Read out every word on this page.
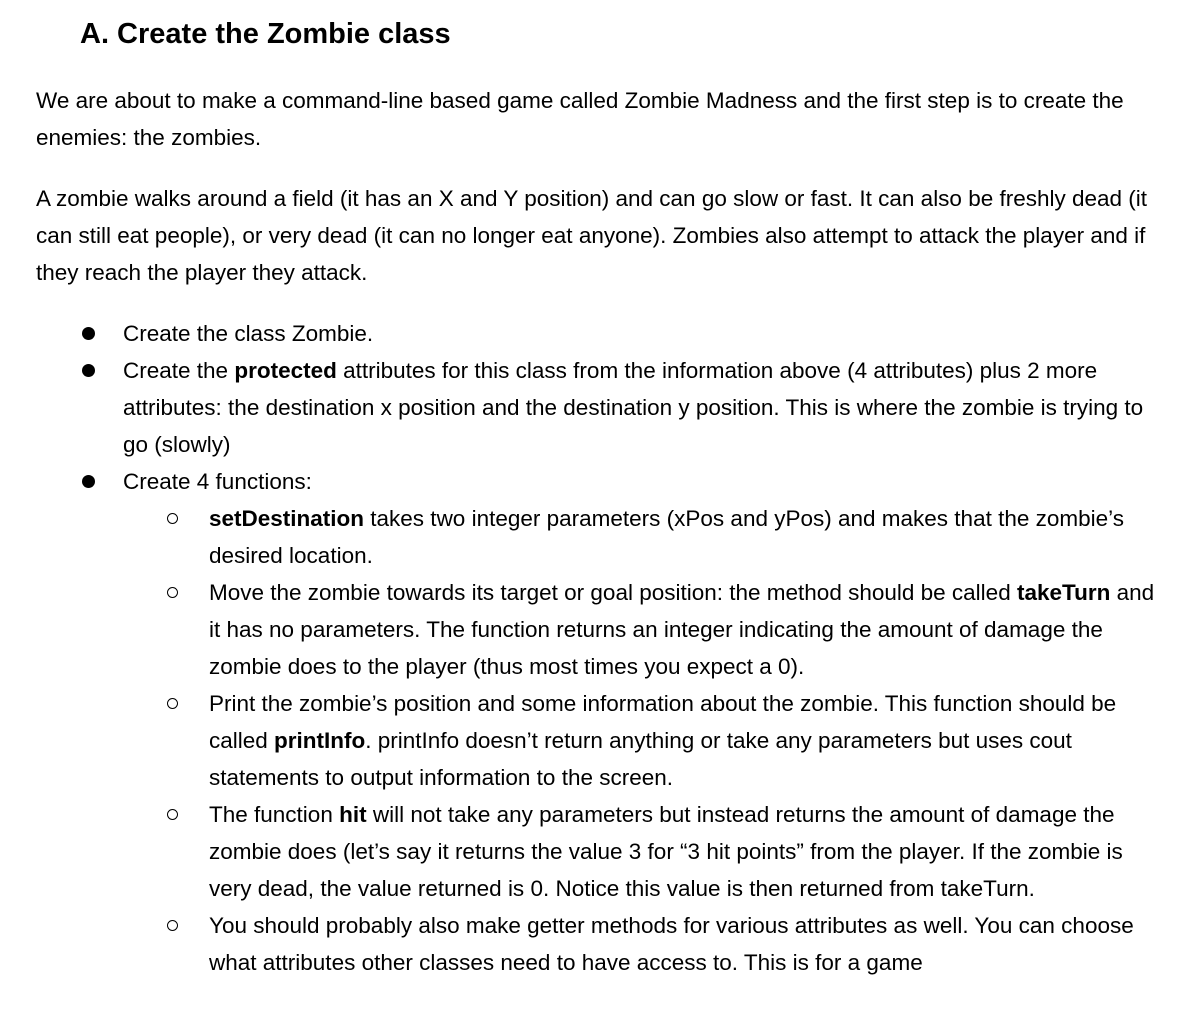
A. Create the Zombie class

We are about to make a command-line based game called Zombie Madness and the first step is to create the enemies: the zombies.

A zombie walks around a field (it has an X and Y position) and can go slow or fast. It can also be freshly dead (it can still eat people), or very dead (it can no longer eat anyone). Zombies also attempt to attack the player and if they reach the player they attack.

Create the class Zombie.
Create the protected attributes for this class from the information above (4 attributes) plus 2 more attributes: the destination x position and the destination y position. This is where the zombie is trying to go (slowly)
Create 4 functions:
setDestination takes two integer parameters (xPos and yPos) and makes that the zombie’s desired location.
Move the zombie towards its target or goal position: the method should be called takeTurn and it has no parameters. The function returns an integer indicating the amount of damage the zombie does to the player (thus most times you expect a 0).
Print the zombie’s position and some information about the zombie. This function should be called printInfo. printInfo doesn’t return anything or take any parameters but uses cout statements to output information to the screen.
The function hit will not take any parameters but instead returns the amount of damage the zombie does (let’s say it returns the value 3 for “3 hit points” from the player. If the zombie is very dead, the value returned is 0. Notice this value is then returned from takeTurn.
You should probably also make getter methods for various attributes as well. You can choose what attributes other classes need to have access to. This is for a game
